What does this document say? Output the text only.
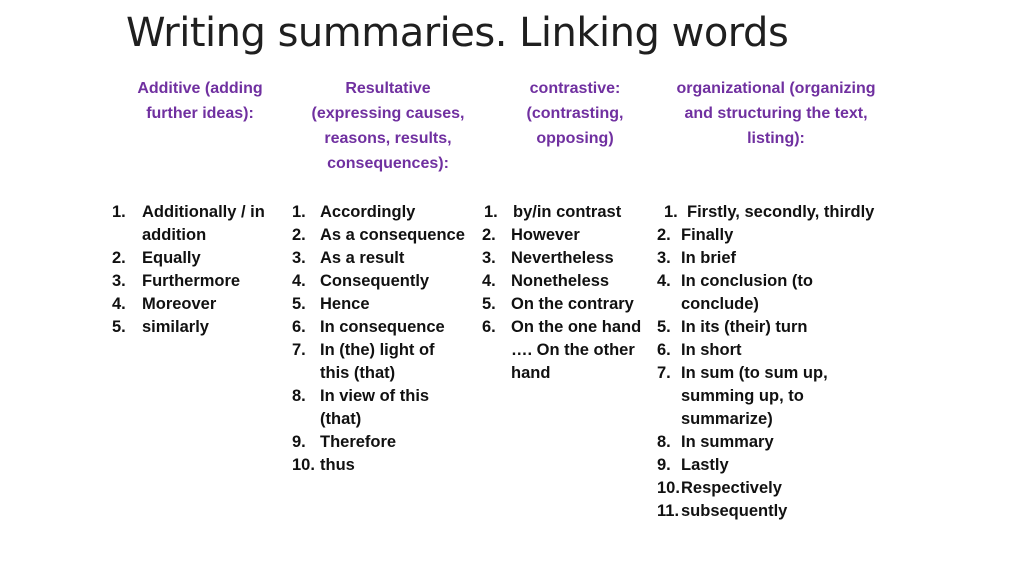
Writing summaries. Linking words
Additive (adding
further ideas):
Resultative
(expressing causes,
reasons, results,
consequences):
contrastive:
(contrasting,
opposing)
organizational (organizing
and structuring the text,
listing):
1. Additionally / in
addition
2. Equally
3. Furthermore
4. Moreover
5. similarly
1. Accordingly
2. As a consequence
3. As a result
4. Consequently
5. Hence
6. In consequence
7. In (the) light of
this (that)
8. In view of this
(that)
9. Therefore
10. thus
1. by/in contrast
2. However
3. Nevertheless
4. Nonetheless
5. On the contrary
6. On the one hand
…. On the other
hand
1. Firstly, secondly, thirdly
2. Finally
3. In brief
4. In conclusion (to
conclude)
5. In its (their) turn
6. In short
7. In sum (to sum up,
summing up, to
summarize)
8. In summary
9. Lastly
10. Respectively
11. subsequently
